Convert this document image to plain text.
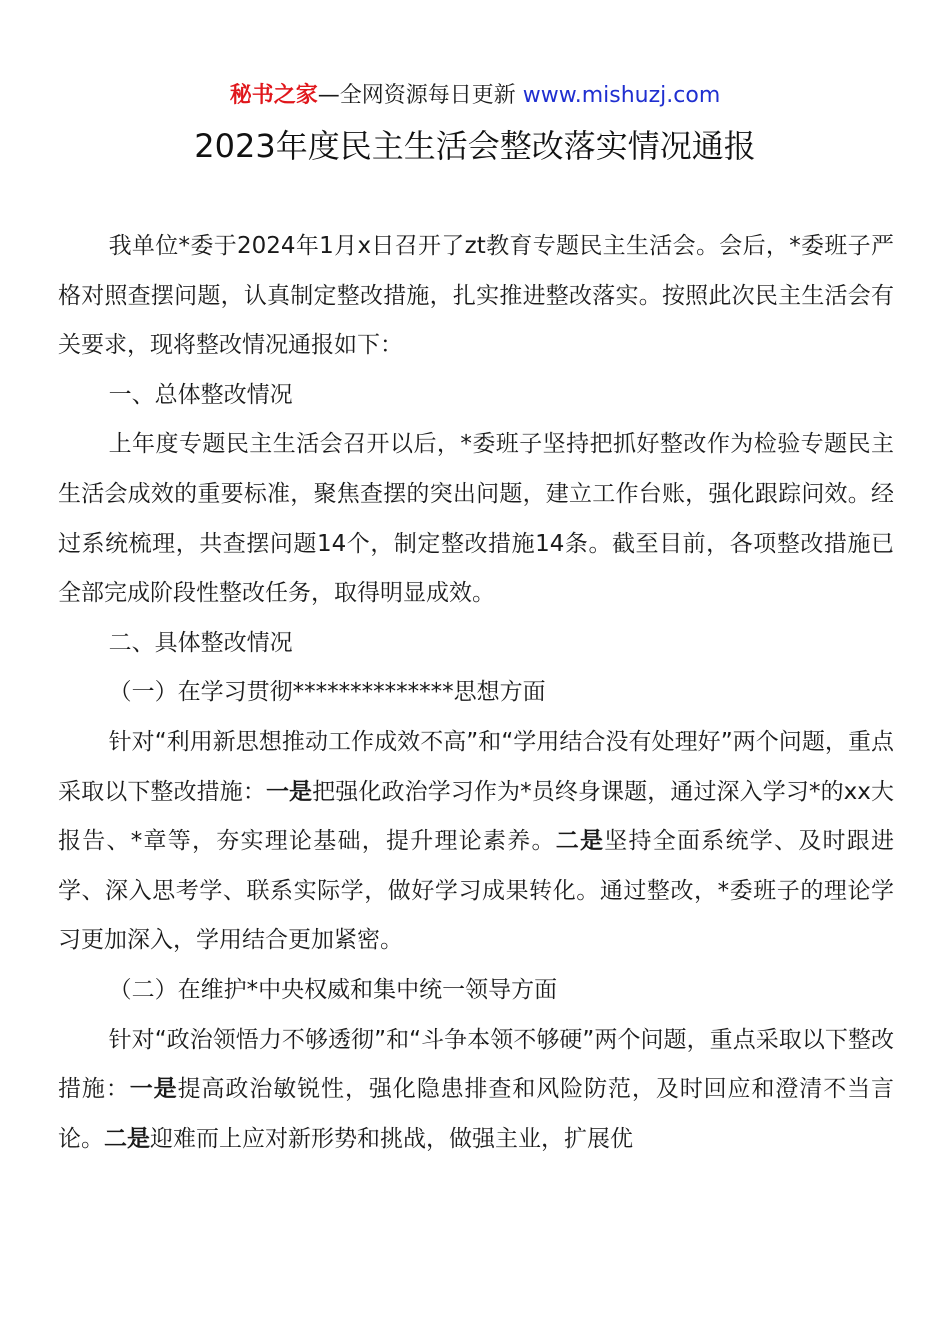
秘书之家—全网资源每日更新 www.mishuzj.com
2023年度民主生活会整改落实情况通报

我单位*委于2024年1月x日召开了zt教育专题民主生活会。会后，*委班子严格对照查摆问题，认真制定整改措施，扎实推进整改落实。按照此次民主生活会有关要求，现将整改情况通报如下：

一、总体整改情况

上年度专题民主生活会召开以后，*委班子坚持把抓好整改作为检验专题民主生活会成效的重要标准，聚焦查摆的突出问题，建立工作台账，强化跟踪问效。经过系统梳理，共查摆问题14个，制定整改措施14条。截至目前，各项整改措施已全部完成阶段性整改任务，取得明显成效。

二、具体整改情况

（一）在学习贯彻**************思想方面

针对“利用新思想推动工作成效不高”和“学用结合没有处理好”两个问题，重点采取以下整改措施：一是把强化政治学习作为*员终身课题，通过深入学习*的xx大报告、*章等，夯实理论基础，提升理论素养。二是坚持全面系统学、及时跟进学、深入思考学、联系实际学，做好学习成果转化。通过整改，*委班子的理论学习更加深入，学用结合更加紧密。

（二）在维护*中央权威和集中统一领导方面

针对“政治领悟力不够透彻”和“斗争本领不够硬”两个问题，重点采取以下整改措施：一是提高政治敏锐性，强化隐患排查和风险防范，及时回应和澄清不当言论。二是迎难而上应对新形势和挑战，做强主业，扩展优
